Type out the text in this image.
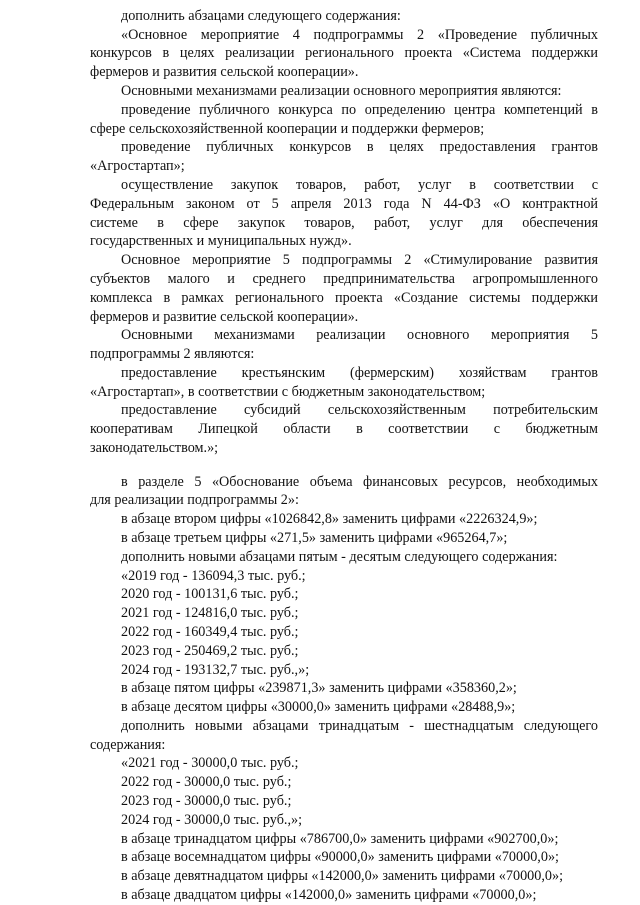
дополнить абзацами следующего содержания:
«Основное мероприятие 4 подпрограммы 2 «Проведение публичных
конкурсов в целях реализации регионального проекта «Система поддержки
фермеров и развития сельской кооперации».
Основными механизмами реализации основного мероприятия являются:
проведение публичного конкурса по определению центра компетенций в
сфере сельскохозяйственной кооперации и поддержки фермеров;
проведение публичных конкурсов в целях предоставления грантов
«Агростартап»;
осуществление закупок товаров, работ, услуг в соответствии с
Федеральным законом от 5 апреля 2013 года N 44-ФЗ «О контрактной
системе в сфере закупок товаров, работ, услуг для обеспечения
государственных и муниципальных нужд».
Основное мероприятие 5 подпрограммы 2 «Стимулирование развития
субъектов малого и среднего предпринимательства агропромышленного
комплекса в рамках регионального проекта «Создание системы поддержки
фермеров и развитие сельской кооперации».
Основными механизмами реализации основного мероприятия 5
подпрограммы 2 являются:
предоставление крестьянским (фермерским) хозяйствам грантов
«Агростартап», в соответствии с бюджетным законодательством;
предоставление субсидий сельскохозяйственным потребительским
кооперативам Липецкой области в соответствии с бюджетным
законодательством.»;
в разделе 5 «Обоснование объема финансовых ресурсов, необходимых
для реализации подпрограммы 2»:
в абзаце втором цифры «1026842,8» заменить цифрами «2226324,9»;
в абзаце третьем цифры «271,5» заменить цифрами «965264,7»;
дополнить новыми абзацами пятым - десятым следующего содержания:
«2019 год - 136094,3 тыс. руб.;
2020 год - 100131,6 тыс. руб.;
2021 год - 124816,0 тыс. руб.;
2022 год - 160349,4 тыс. руб.;
2023 год - 250469,2 тыс. руб.;
2024 год - 193132,7 тыс. руб.,»;
в абзаце пятом цифры «239871,3» заменить цифрами «358360,2»;
в абзаце десятом цифры «30000,0» заменить цифрами «28488,9»;
дополнить новыми абзацами тринадцатым - шестнадцатым следующего
содержания:
«2021 год - 30000,0 тыс. руб.;
2022 год - 30000,0 тыс. руб.;
2023 год - 30000,0 тыс. руб.;
2024 год - 30000,0 тыс. руб.,»;
в абзаце тринадцатом цифры «786700,0» заменить цифрами «902700,0»;
в абзаце восемнадцатом цифры «90000,0» заменить цифрами «70000,0»;
в абзаце девятнадцатом цифры «142000,0» заменить цифрами «70000,0»;
в абзаце двадцатом цифры «142000,0» заменить цифрами «70000,0»;
